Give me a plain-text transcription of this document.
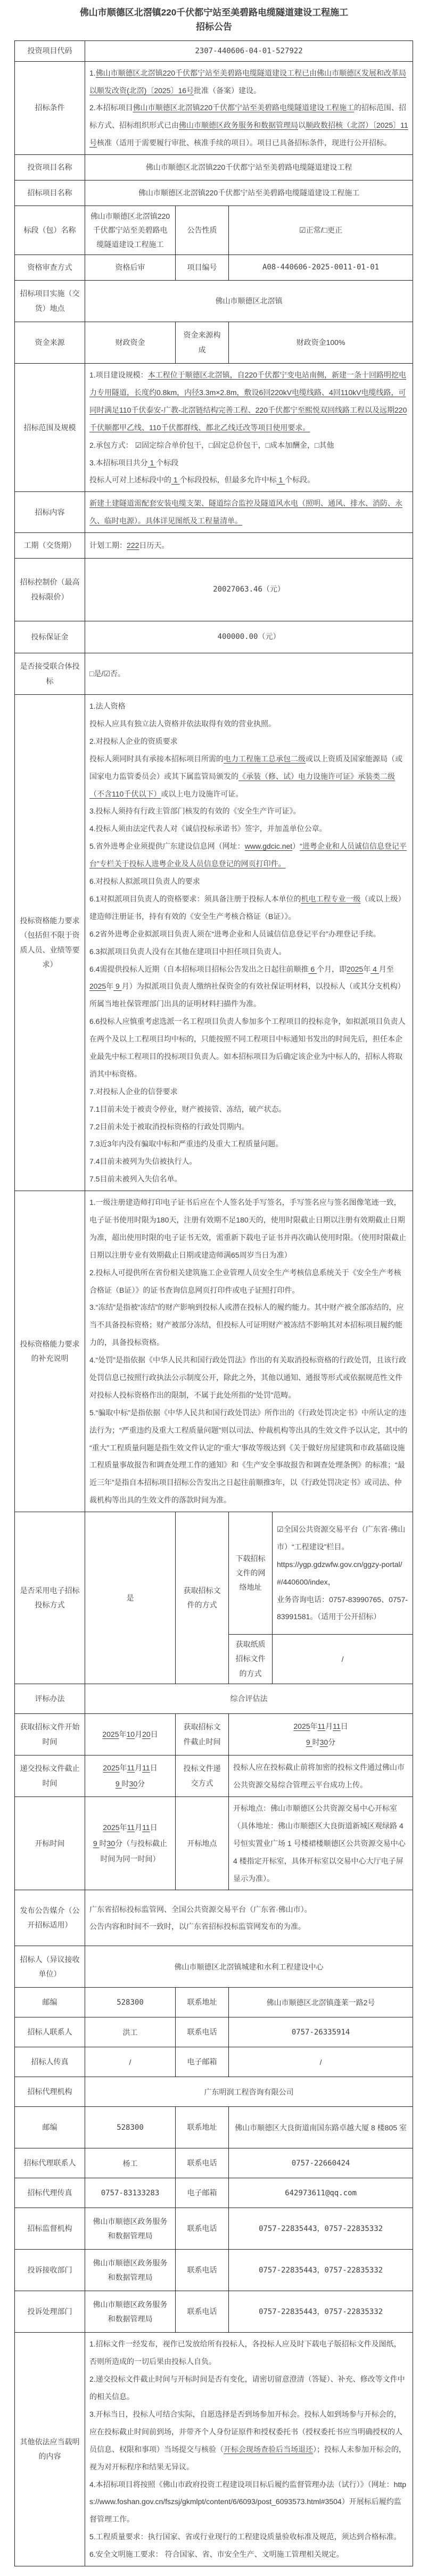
佛山市顺德区北滘镇220千伏都宁站至美碧路电缆隧道建设工程施工
招标公告
投资项目代码	2307-440606-04-01-527922			
招标条件	1.佛山市顺德区北滘镇220千伏都宁站至美碧路电缆隧道建设工程已由佛山市顺德区发展和改革局以顺发改资(北滘)〔2025〕16号批准（备案）建设。
2.本招标项目佛山市顺德区北滘镇220千伏都宁站至美碧路电缆隧道建设工程施工的招标范围、招标方式、招标组织形式已由佛山市顺德区政务服务和数据管理局以顺政数招核（北滘）〔2025〕11号核准（适用于需要履行审批、核准手续的项目）。项目已具备招标条件，现进行公开招标。			

投资项目名称	佛山市顺德区北滘镇220千伏都宁站至美碧路电缆隧道建设工程			
招标项目名称	佛山市顺德区北滘镇220千伏都宁站至美碧路电缆隧道建设工程施工			
标段（包）名称	佛山市顺德区北滘镇220千伏都宁站至美碧路电缆隧道建设工程施工	公告性质	☑正常/□更正	
资格审查方式	资格后审	项目编号	A08-440606-2025-0011-01-01	
招标项目实施（交货）地点	佛山市顺德区北滘镇			
资金来源	财政资金	资金来源构成	财政资金100%	
招标范围及规模	1.项目建设规模：本工程位于顺德区北滘镇，自220千伏都宁变电站南侧，新建一条十回路明挖电力专用隧道，长度约0.8km，内径3.3m×2.8m，敷设6回220kV电缆线路、4回110kV电缆线路，可同时满足110千伏泰安-广教-北滘链结构完善工程、220千伏都宁至熙悦双回线路工程以及远期220千伏顺都甲乙线、110千伏都群线、都北乙线迁改等项目使用要求。
2.承包方式： ☑固定综合单价包干，□固定总价包干，□成本加酬金，□其他
3.本招标项目共分 1 个标段
投标人可对上述标段中的 1 个标段投标，但最多允许中标 1 个标段。			

招标内容	新建土建隧道需配套安装电缆支架、隧道综合监控及隧道风水电（照明、通风、排水、消防、永久、临时电源）。具体详见图纸及工程量清单。			

工期（交货期）	计划工期：222日历天。			
招标控制价（最高投标限价）	20027063.46（元）			
投标保证金	400000.00（元）			
是否接受联合体投标	□是/☑否。			
投标资格能力要求（包括但不限于资质人员、业绩等要求）	
1.法人资格
投标人应具有独立法人资格并依法取得有效的营业执照。
2.对投标人企业的资质要求
投标人须同时具有承接本招标项目所需的电力工程施工总承包二级或以上资质及国家能源局（或国家电力监管委员会）或其下属监管局颁发的《承装（修、试）电力设施许可证》承装类二级（不含110千伏以下）或以上电力设施许可证。
3.投标人须持有行政主管部门核发的有效的《安全生产许可证》。
4.投标人须由法定代表人对《诚信投标承诺书》签字，并加盖单位公章。
5.省外进粤企业须提供广东建设信息网（网址：www.gdcic.net）“进粤企业和人员诚信信息登记平台”专栏关于投标人进粤企业及人员信息登记的网页打印件。
6.对投标人拟派项目负责人的要求
6.1对拟派项目负责人的资格要求：须具备注册于投标人本单位的机电工程专业一级（或以上级）建造师注册证书，持有有效的《安全生产考核合格证（B证）》。
6.2省外进粤企业拟派项目负责人须在“进粤企业和人员诚信信息登记平台”办理登记手续。
6.3拟派项目负责人没有在其他在建项目中担任项目负责人。
6.4需提供投标人近期（自本招标项目招标公告发出之日起往前顺推 6 个月，即2025年 4 月至2025年 9 月）为拟派项目负责人缴纳社保资金的有效社保证明材料，以投标人（或其分支机构）所属当地社保管理部门出具的证明材料扫描件为准。
6.6投标人应慎重考虑选派一名工程项目负责人参加多个工程项目的投标竞争，如拟派项目负责人在两个及以上工程项目均中标的，只能按照不同工程项目中标通知书发出的时间先后，担任本企业最先中标工程项目的投标项目负责人。如本招标项目为后确定该企业为中标人的，招标人将取消其中标资格。
7.对投标人企业的信誉要求
7.1目前未处于被责令停业，财产被接管、冻结，破产状态。
7.2目前未处于被取消投标资格的行政处罚期内。
7.3近3年内没有骗取中标和严重违约及重大工程质量问题。
7.4目前未被列为失信被执行人。
7.5目前未被列入失信名单。

投标资格能力要求的补充说明	1.一级注册建造师打印电子证书后应在个人签名处手写签名，手写签名应与签名图像笔迹一致，电子证书使用时限为180天，注册有效期不足180天的，使用时限截止日期以注册有效期截止日期为准，超出使用时限的电子证书无效，需重新下载电子证书并再次确认使用时限。（使用时限截止日期以注册专业有效期截止日期或建造师满65周岁当日为准）
2.投标人可提供所在省份相关建筑施工企业管理人员安全生产考核信息系统关于《安全生产考核合格证（B证）》的证书查询信息网页打印件或电子证照打印件。
3.“冻结”是指被“冻结”的财产影响到投标人或潜在投标人的履约能力。其中财产被全部冻结的，应当不具备投标资格；财产被部分冻结，但投标人可证明财产被冻结不影响其对本招标项目履约能力的，具备投标资格。
4.“处罚”是指依据《中华人民共和国行政处罚法》作出的有关取消投标资格的行政处罚，且该行政处罚信息已按照行政执法公示制度公开，除此之外，其他以通知、通报等形式或依据规范性文件对投标人投标资格作出的限制，不属于此处所指的“处罚”范畴。
5.“骗取中标”是指依据《中华人民共和国行政处罚法》所作出的《行政处罚决定书》中所认定的违法行为；“严重违约及重大工程质量问题”则以司法、仲裁机构等出具的生效文件予以认定，其中的“重大”工程质量问题是指生效文件认定的“重大”事故等级达到《关于做好房屋建筑和市政基础设施工程质量事故报告和调查处理工作的通知》和《生产安全事故报告和调查处理条例》的标准；“最近三年”是指自本招标项目招标公告发出之日起往前顺推3年，以《行政处罚决定书》或司法、仲裁机构等出具的生效文件的落款时间为准。			

是否采用电子招标投标方式	是	获取招标文件的方式	下载招标文件的网络地址	☑全国公共资源交易平台（广东省·佛山市）“工程建设”栏目。
https://ygp.gdzwfw.gov.cn/ggzy-portal/#/440600/index，
业务咨询电话：0757-83990765、0757-83991581。（适用于公开招标）

			获取纸质招标文件的方式	/
评标办法	综合评估法			
获取招标文件开始时间	2025年10月20日	获取招标文件截止时间	2025年11月11日
9 时30分	

递交投标文件截止时间	2025年11月11日
9 时30分	投标文件递交方式	投标人应在投标截止前将加密的投标文件通过佛山市公共资源交易综合管理云平台成功上传。	
开标时间	2025年11月11日
9 时30分（与投标截止时间为同一时间）	开标地点	开标地点：佛山市顺德区公共资源交易中心开标室（具体地址：佛山市顺德区大良街道新城区观绿路 4 号恒实置业广场 1 号楼裙楼顺德区公共资源交易中心 4 楼指定开标室，具体开标室以交易中心大厅电子屏显示为准）。	
发布公告媒介（公开招标适用）	广东省招标投标监管网、全国公共资源交易平台（广东省·佛山市）。
公告内容和时间不一致时，以广东省招标投标监管网发布的为准。			

招标人（异议接收单位）	佛山市顺德区北滘镇城建和水利工程建设中心			
邮编	528300	联系地址	佛山市顺德区北滘镇蓬莱一路2号	
招标人联系人	洪工	联系电话	0757-26335914	
招标人传真	/	电子邮箱	/	
招标代理机构	广东明润工程咨询有限公司			
邮编	528300	联系地址	佛山市顺德区大良街道南国东路卓越大厦 8 楼805 室	
招标代理联系人	杨工	联系电话	0757-22660424	
招标代理传真	0757-83133283	电子邮箱	642973611@qq.com	
招标监督机构	佛山市顺德区政务服务和数据管理局	联系电话	0757-22835443，0757-22835332	
投诉接收部门	佛山市顺德区政务服务和数据管理局	联系电话	0757-22835443，0757-22835332	
投诉处理部门	佛山市顺德区政务服务和数据管理局	联系电话	0757-22835443，0757-22835332	
其他依法应当载明的内容	
1.招标文件一经发布，视作已发放给所有投标人，各投标人应及时下载电子版招标文件及图纸，否则所造成的一切后果由投标人自负。
2.递交投标文件截止时间与开标时间是否有变化，请密切留意澄清（答疑）、补充、修改等文件中的相关信息。
3.开标当日，投标人可结合实际，自愿选择是否到场参加开标会。投标人如到场参与开标会的，应在投标截止时间前到场，并带齐个人身份证原件和授权委托书（授权委托书应当明确授权的人员信息、权限和事项）当场提交与核验（开标会现场查验后当场退还）；投标人未参加开标会的，视为对开标程序和结果无异议。
4.本招标项目将按照《佛山市政府投资工程建设项目标后履约监督管理办法（试行）》（网址：https://www.foshan.gov.cn/fszsj/gkmlpt/content/6/6093/post_6093573.html#3504）开展标后履约监督管理工作。
5.工程质量要求：执行国家、省或行业现行的工程建设质量验收标准及规范，须达到合格标准。
6.安全文明施工要求： 符合国家、省、市安全生产、文明施工管理相关规定。
